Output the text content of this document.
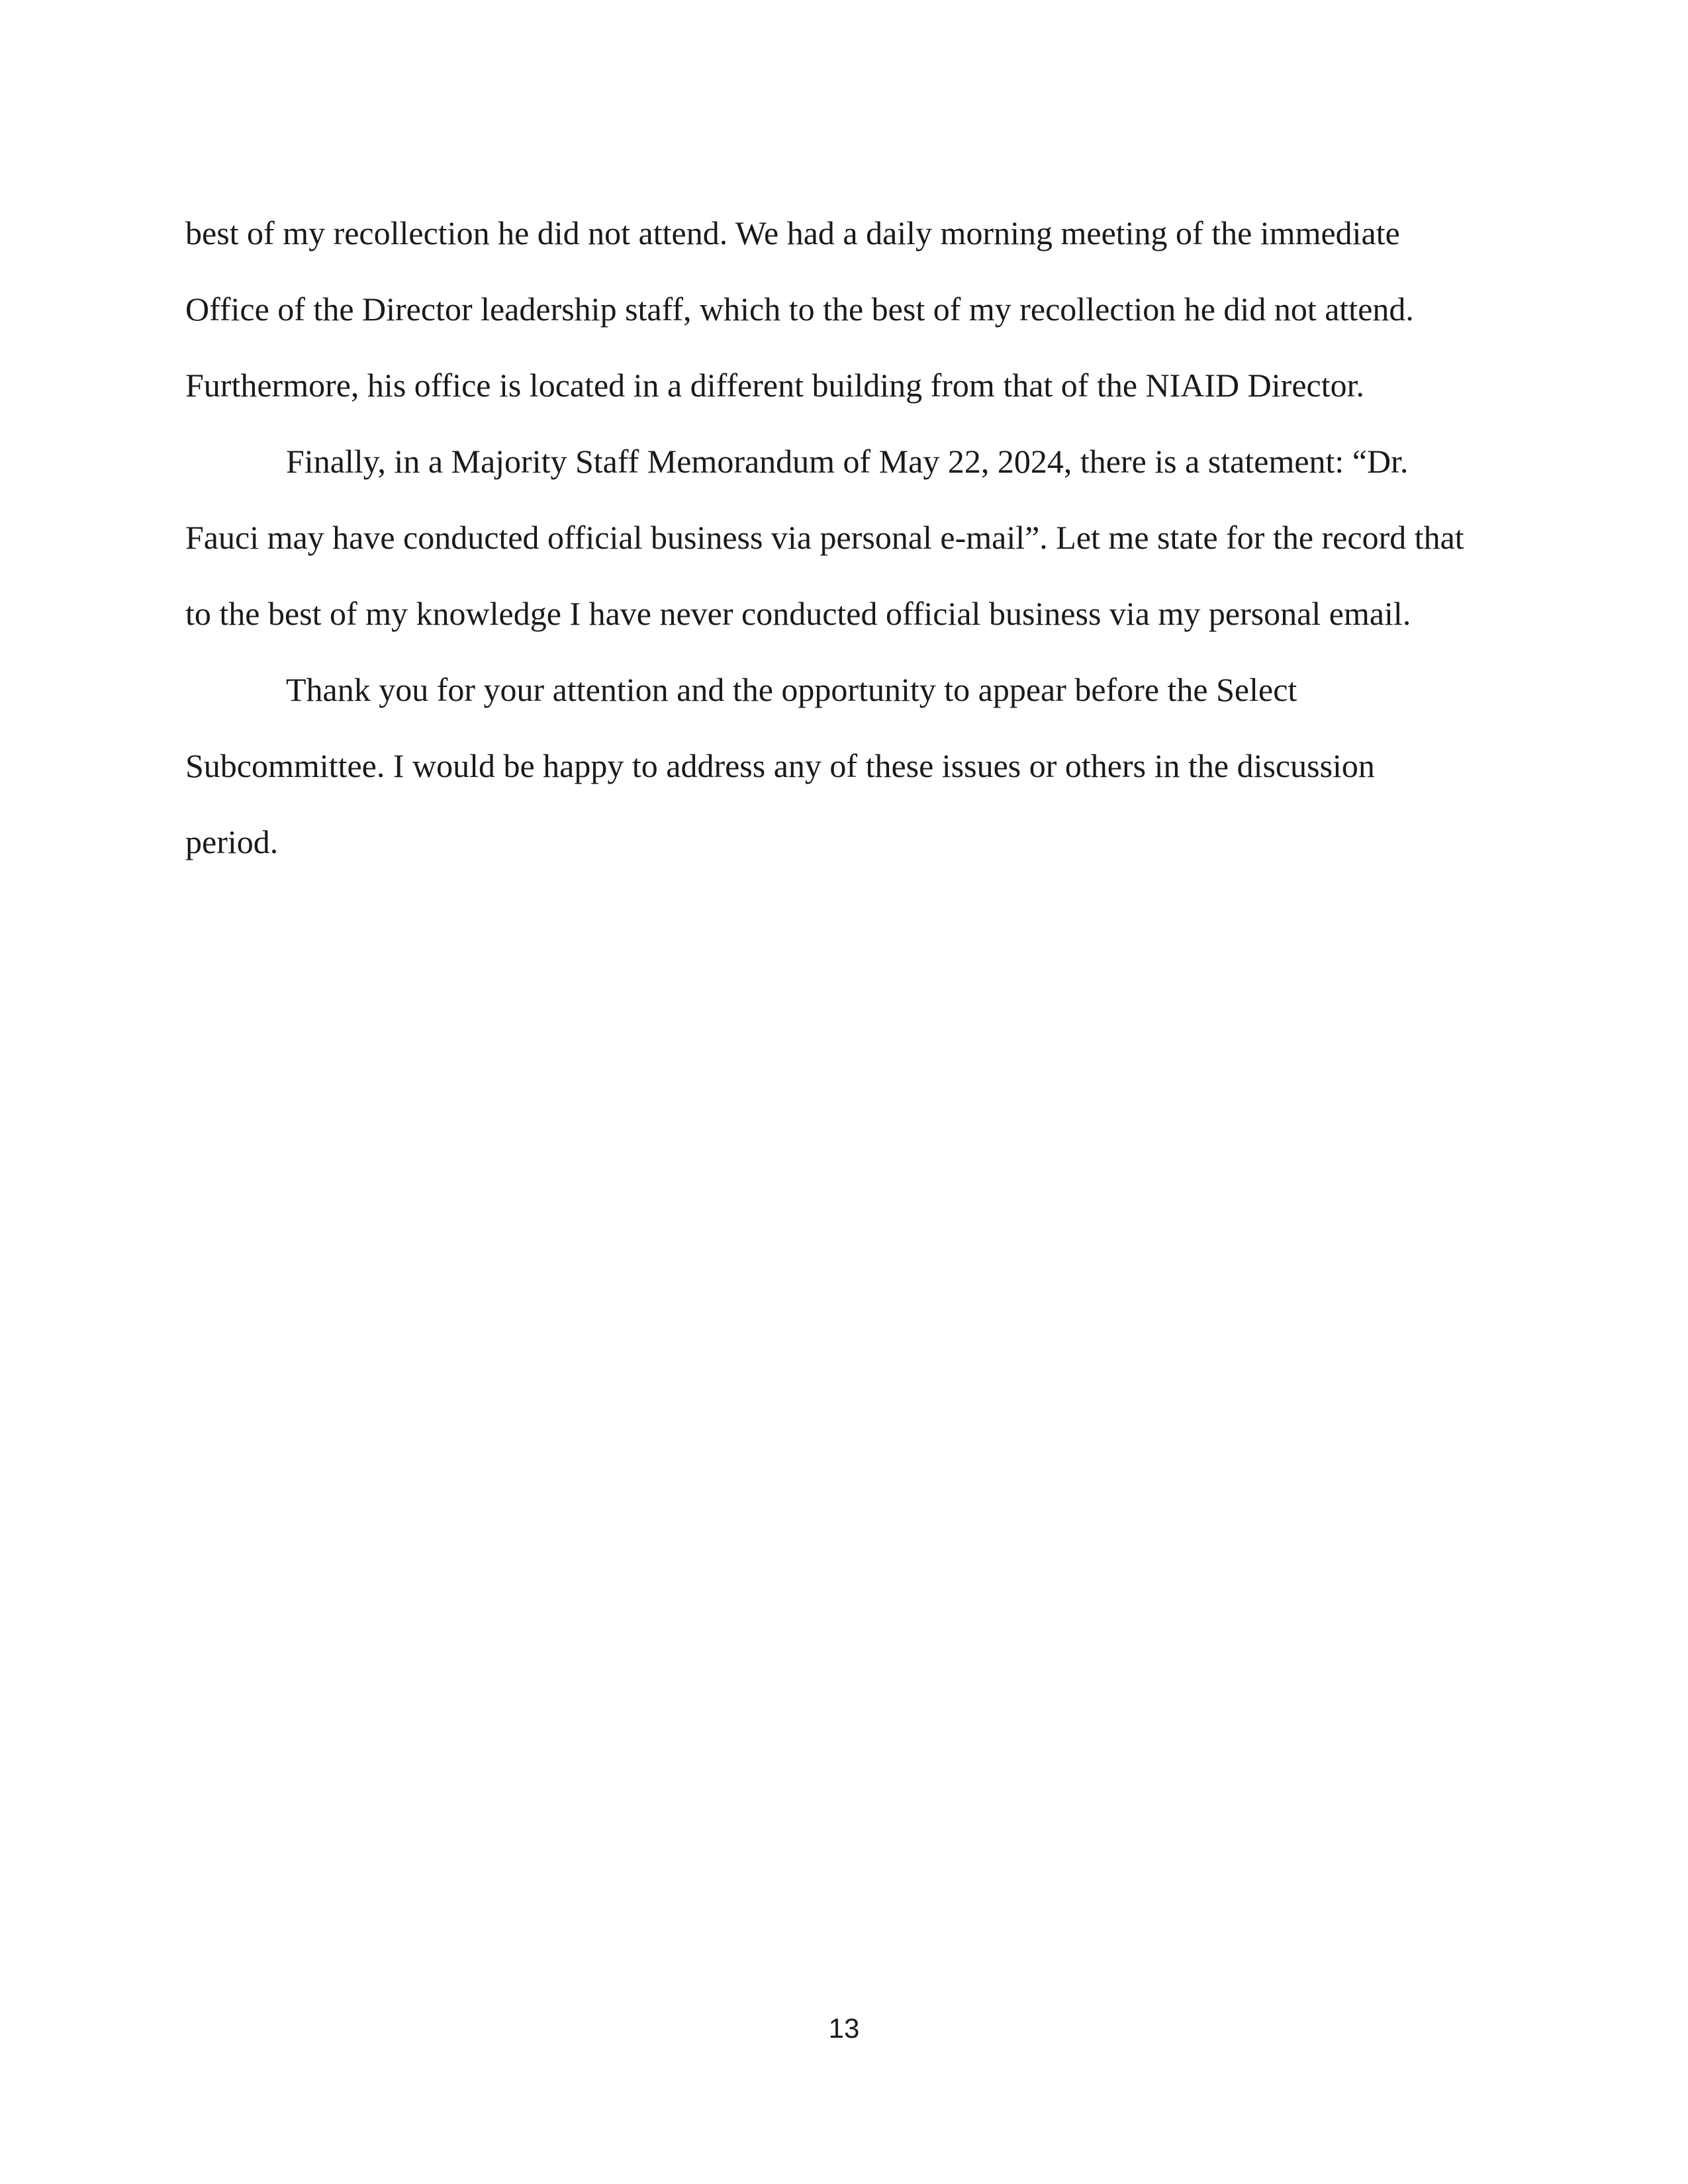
best of my recollection he did not attend. We had a daily morning meeting of the immediate
Office of the Director leadership staff, which to the best of my recollection he did not attend.
Furthermore, his office is located in a different building from that of the NIAID Director.
Finally, in a Majority Staff Memorandum of May 22, 2024, there is a statement: “Dr.
Fauci may have conducted official business via personal e-mail”. Let me state for the record that
to the best of my knowledge I have never conducted official business via my personal email.
Thank you for your attention and the opportunity to appear before the Select
Subcommittee. I would be happy to address any of these issues or others in the discussion
period.
13
